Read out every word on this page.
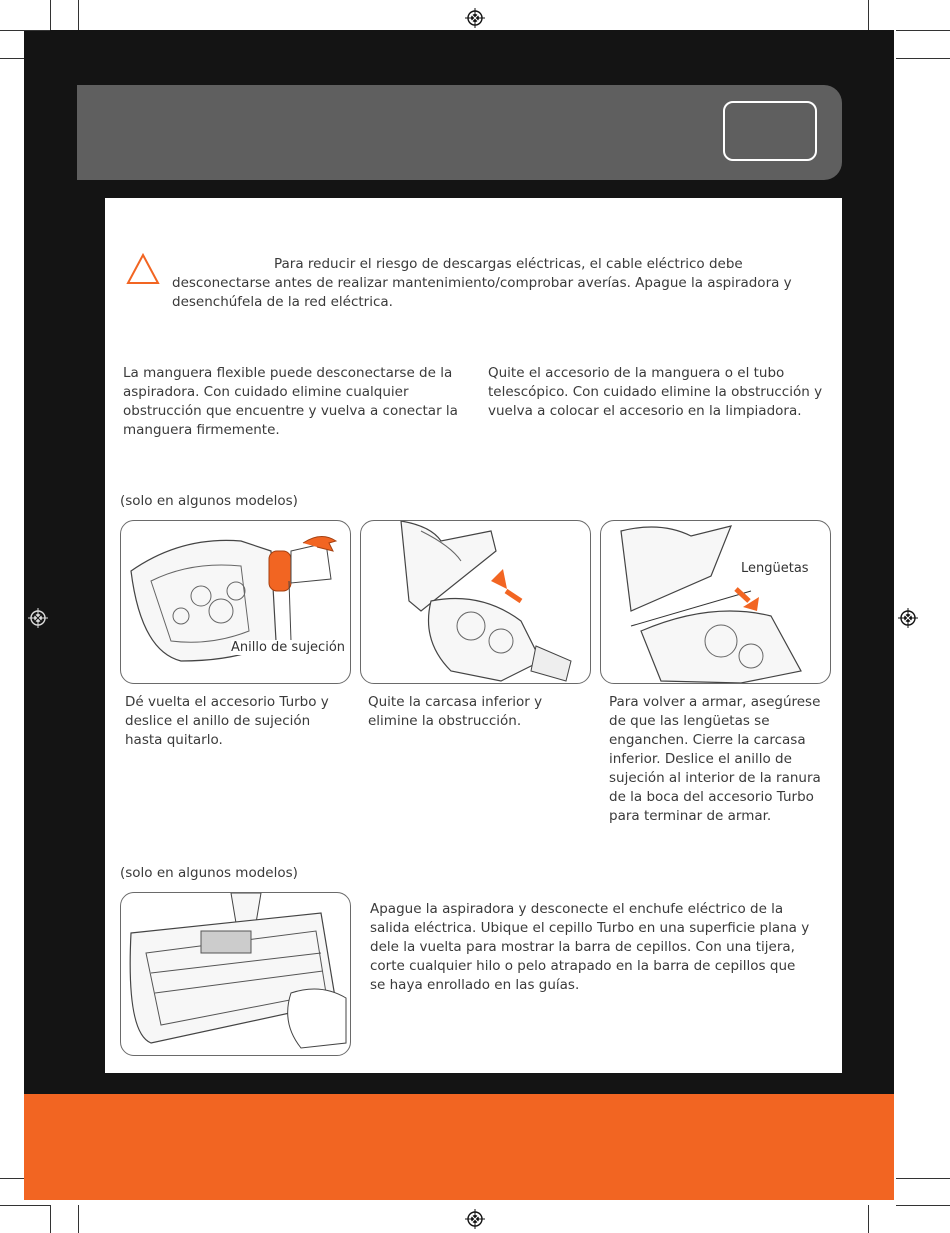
Para reducir el riesgo de descargas eléctricas, el cable eléctrico debe desconectarse antes de realizar mantenimiento/comprobar averías. Apague la aspiradora y desenchúfela de la red eléctrica.

La manguera flexible puede desconectarse de la aspiradora. Con cuidado elimine cualquier obstrucción que encuentre y vuelva a conectar la manguera firmemente.

Quite el accesorio de la manguera o el tubo telescópico. Con cuidado elimine la obstrucción y vuelva a colocar el accesorio en la limpiadora.

(solo en algunos modelos)

Anillo de sujeción
Lengüetas

Dé vuelta el accesorio Turbo y deslice el anillo de sujeción hasta quitarlo.

Quite la carcasa inferior y elimine la obstrucción.

Para volver a armar, asegúrese de que las lengüetas se enganchen. Cierre la carcasa inferior. Deslice el anillo de sujeción al interior de la ranura de la boca del accesorio Turbo para terminar de armar.

(solo en algunos modelos)

Apague la aspiradora y desconecte el enchufe eléctrico de la salida eléctrica. Ubique el cepillo Turbo en una superficie plana y dele la vuelta para mostrar la barra de cepillos. Con una tijera, corte cualquier hilo o pelo atrapado en la barra de cepillos que se haya enrollado en las guías.
